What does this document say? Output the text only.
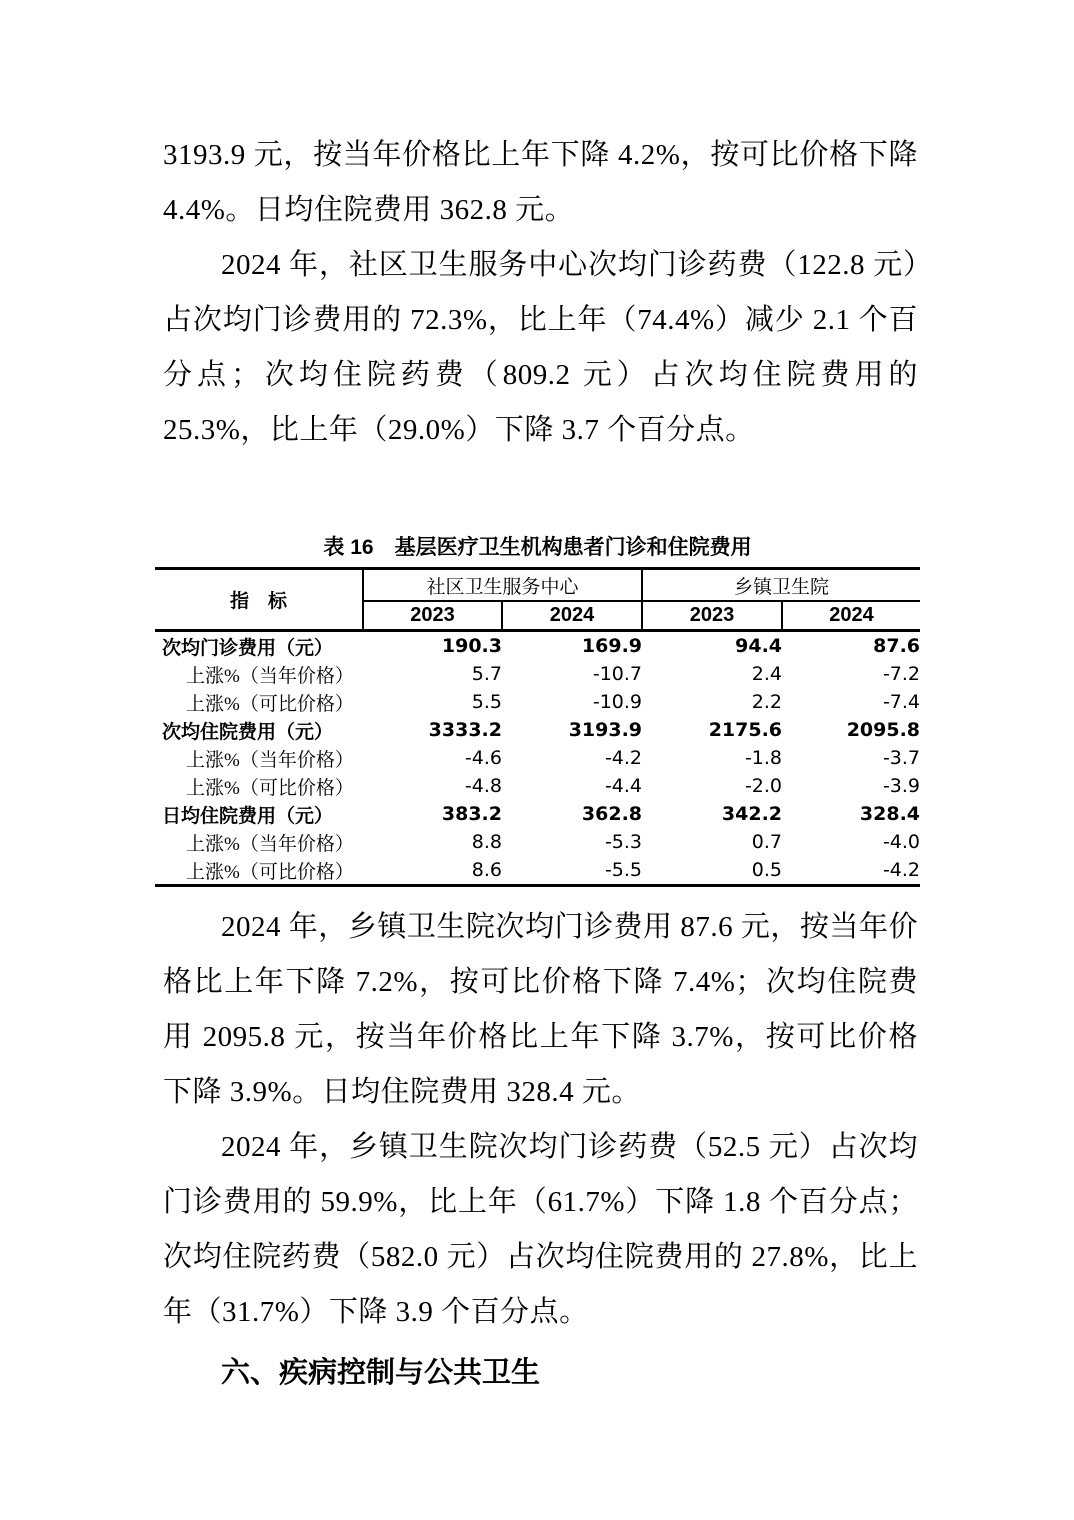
3193.9 元，按当年价格比上年下降 4.2%，按可比价格下降 4.4%。日均住院费用 362.8 元。

2024 年，社区卫生服务中心次均门诊药费（122.8 元）占次均门诊费用的 72.3%，比上年（74.4%）减少 2.1 个百分点；次均住院药费（809.2 元）占次均住院费用的 25.3%，比上年（29.0%）下降 3.7 个百分点。

表 16　基层医疗卫生机构患者门诊和住院费用
指　标	社区卫生服务中心		乡镇卫生院	
	2023	2024	2023	2024
次均门诊费用（元）	190.3	169.9	94.4	87.6
上涨%（当年价格）	5.7	-10.7	2.4	-7.2
上涨%（可比价格）	5.5	-10.9	2.2	-7.4
次均住院费用（元）	3333.2	3193.9	2175.6	2095.8
上涨%（当年价格）	-4.6	-4.2	-1.8	-3.7
上涨%（可比价格）	-4.8	-4.4	-2.0	-3.9
日均住院费用（元）	383.2	362.8	342.2	328.4
上涨%（当年价格）	8.8	-5.3	0.7	-4.0
上涨%（可比价格）	8.6	-5.5	0.5	-4.2

2024 年，乡镇卫生院次均门诊费用 87.6 元，按当年价格比上年下降 7.2%，按可比价格下降 7.4%；次均住院费用 2095.8 元，按当年价格比上年下降 3.7%，按可比价格下降 3.9%。日均住院费用 328.4 元。

2024 年，乡镇卫生院次均门诊药费（52.5 元）占次均门诊费用的 59.9%，比上年（61.7%）下降 1.8 个百分点；次均住院药费（582.0 元）占次均住院费用的 27.8%，比上年（31.7%）下降 3.9 个百分点。

六、疾病控制与公共卫生
